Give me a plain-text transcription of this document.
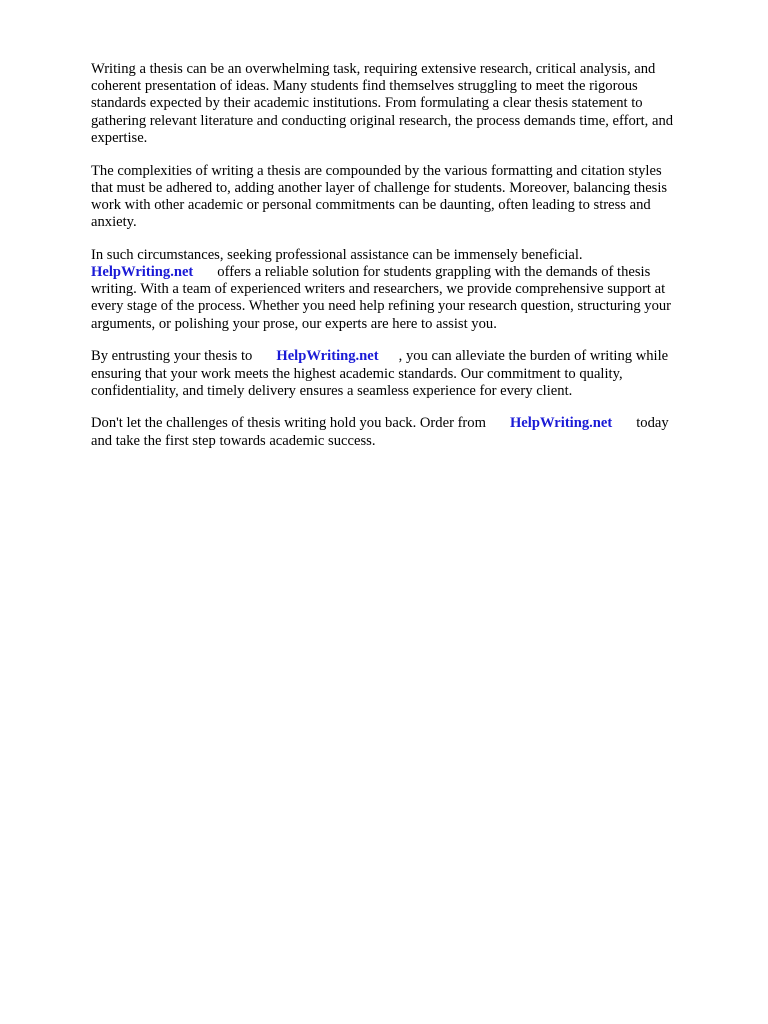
Writing a thesis can be an overwhelming task, requiring extensive research, critical analysis, and
coherent presentation of ideas. Many students find themselves struggling to meet the rigorous
standards expected by their academic institutions. From formulating a clear thesis statement to
gathering relevant literature and conducting original research, the process demands time, effort, and
expertise.

The complexities of writing a thesis are compounded by the various formatting and citation styles
that must be adhered to, adding another layer of challenge for students. Moreover, balancing thesis
work with other academic or personal commitments can be daunting, often leading to stress and
anxiety.

In such circumstances, seeking professional assistance can be immensely beneficial.
HelpWriting.net offers a reliable solution for students grappling with the demands of thesis
writing. With a team of experienced writers and researchers, we provide comprehensive support at
every stage of the process. Whether you need help refining your research question, structuring your
arguments, or polishing your prose, our experts are here to assist you.

By entrusting your thesis to HelpWriting.net , you can alleviate the burden of writing while
ensuring that your work meets the highest academic standards. Our commitment to quality,
confidentiality, and timely delivery ensures a seamless experience for every client.

Don't let the challenges of thesis writing hold you back. Order from HelpWriting.net today
and take the first step towards academic success.
